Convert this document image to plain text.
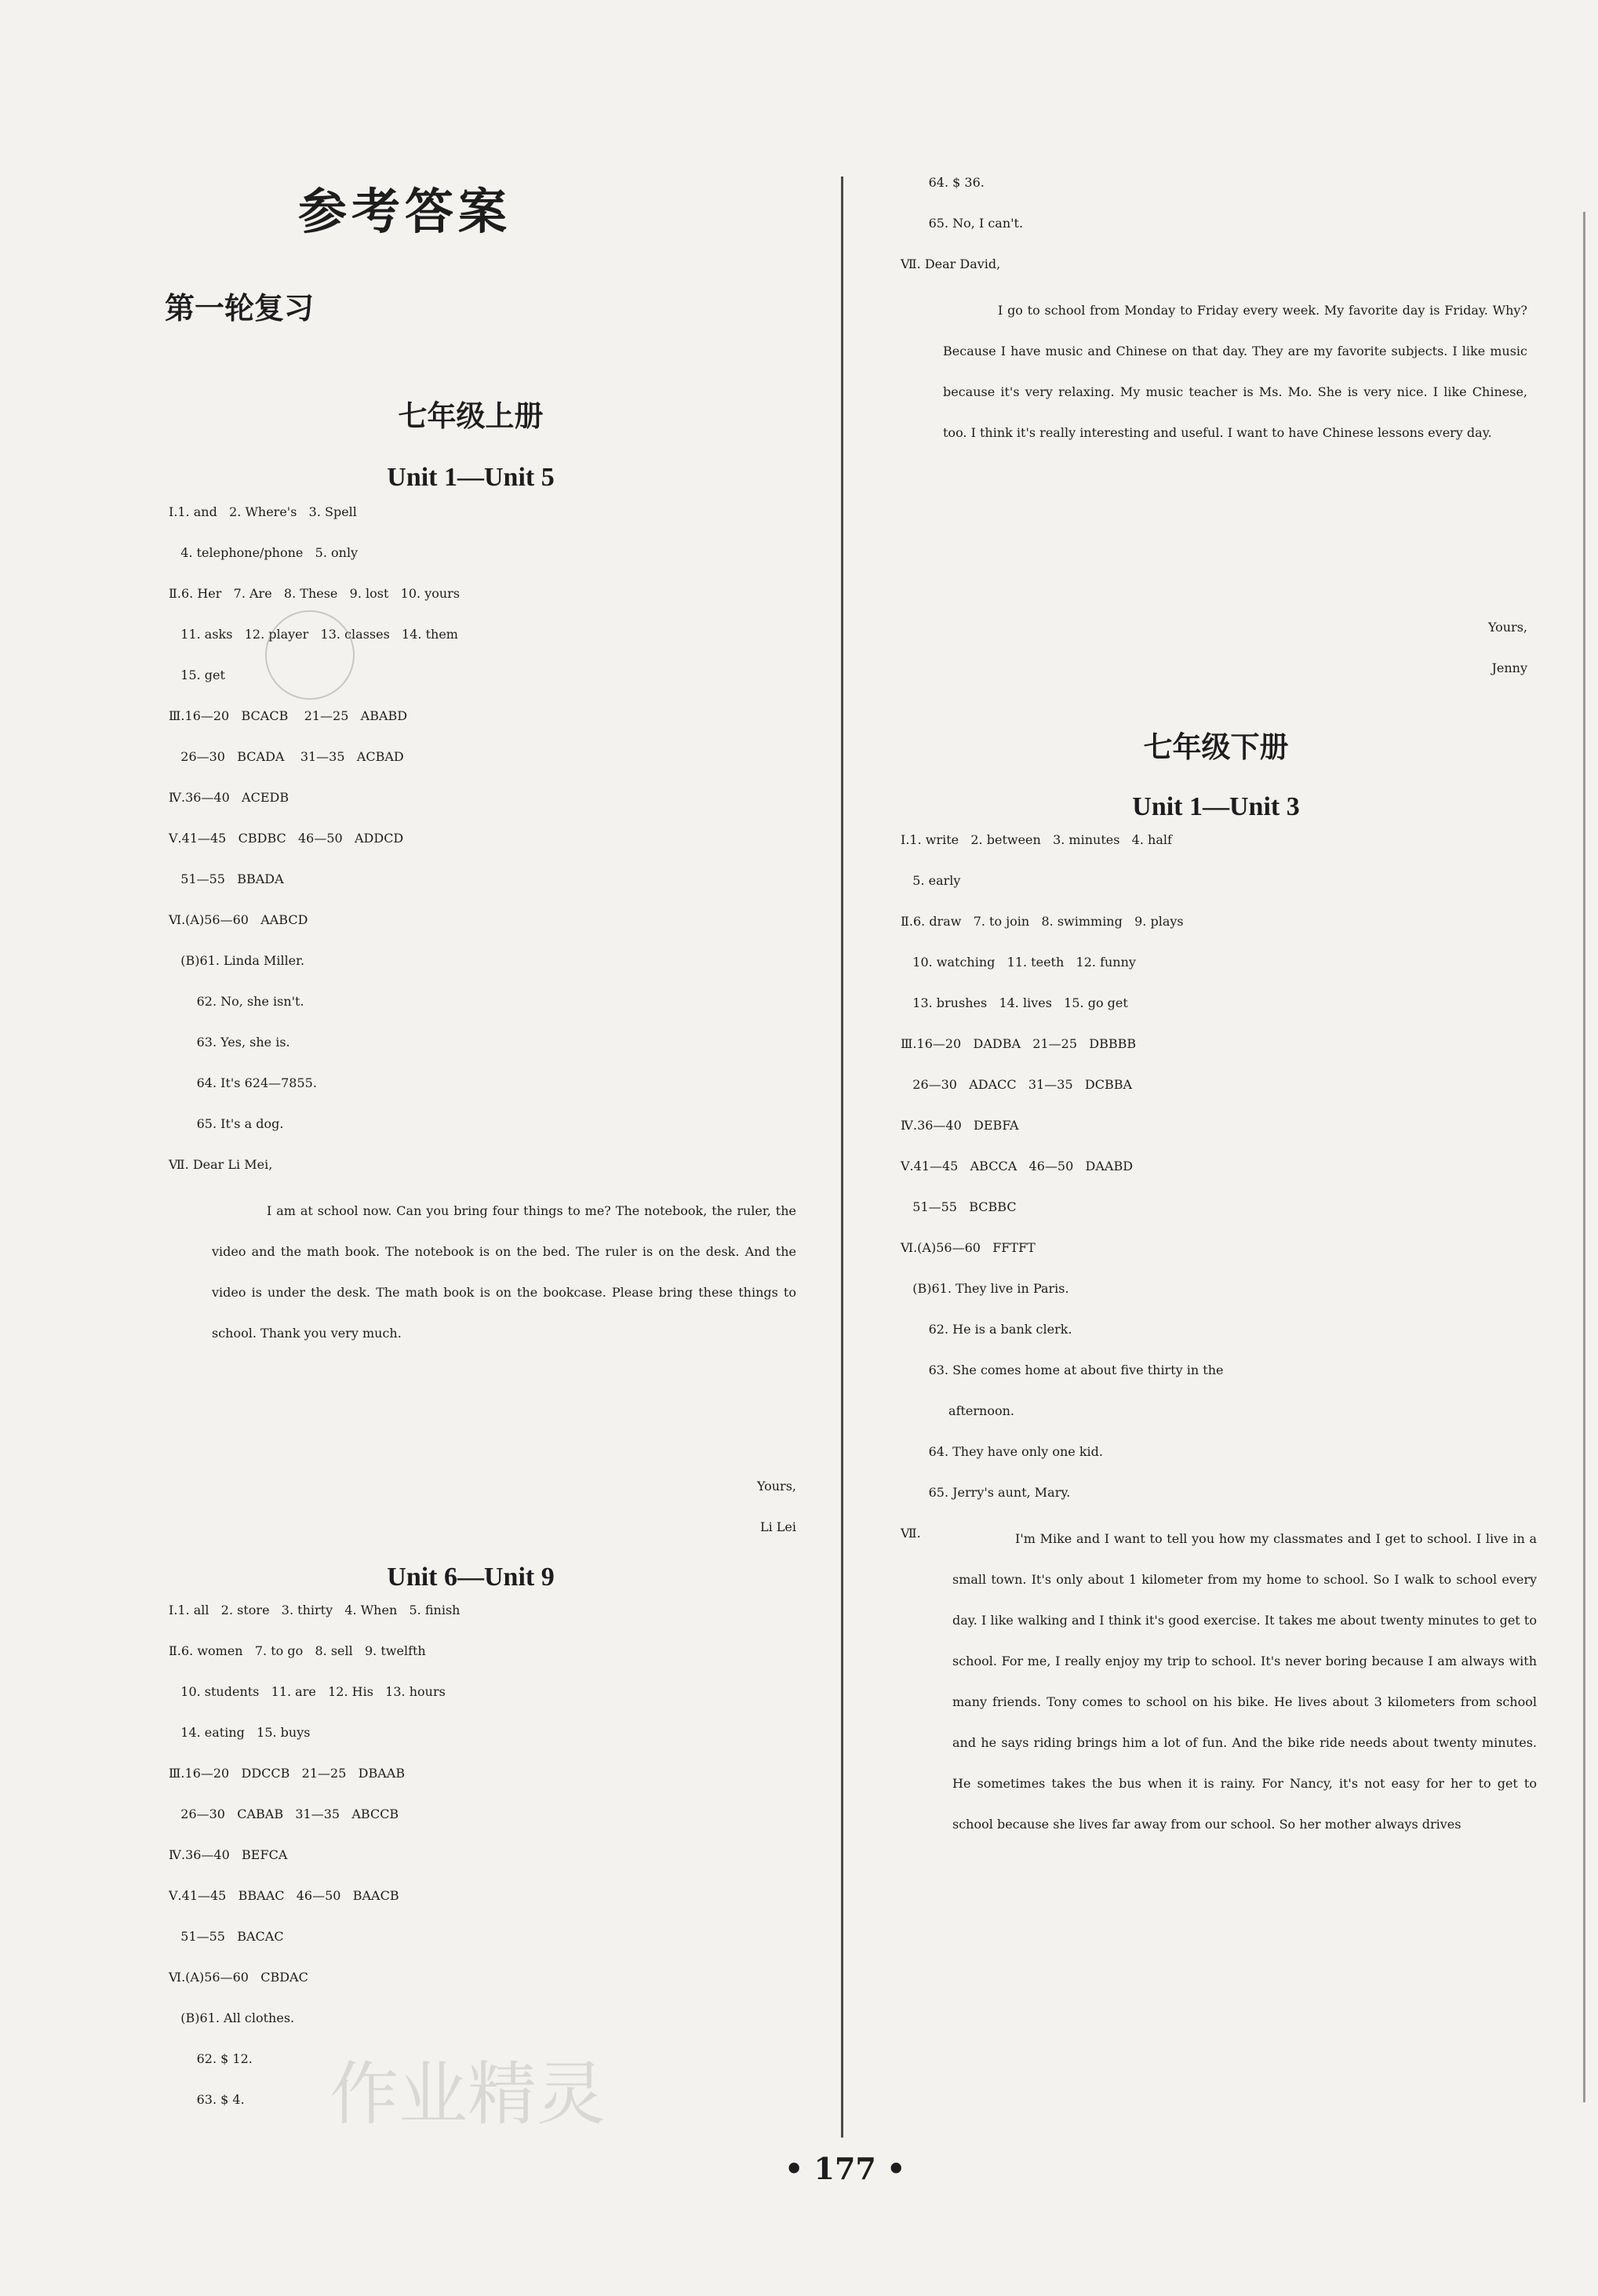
参考答案
第一轮复习
七年级上册
Unit 1—Unit 5
Ⅰ.1. and   2. Where's   3. Spell
4. telephone/phone   5. only
Ⅱ.6. Her   7. Are   8. These   9. lost   10. yours
11. asks   12. player   13. classes   14. them
15. get
Ⅲ.16—20   BCACB    21—25   ABABD
26—30   BCADA    31—35   ACBAD
Ⅳ.36—40   ACEDB
Ⅴ.41—45   CBDBC   46—50   ADDCD
51—55   BBADA
Ⅵ.(A)56—60   AABCD
(B)61. Linda Miller.
62. No, she isn't.
63. Yes, she is.
64. It's 624—7855.
65. It's a dog.
Ⅶ. Dear Li Mei,
I am at school now. Can you bring four things to me? The notebook, the ruler, the video and the math book. The notebook is on the bed. The ruler is on the desk. And the video is under the desk. The math book is on the bookcase. Please bring these things to school. Thank you very much.
Yours,
Li Lei
Unit 6—Unit 9
Ⅰ.1. all   2. store   3. thirty   4. When   5. finish
Ⅱ.6. women   7. to go   8. sell   9. twelfth
10. students   11. are   12. His   13. hours
14. eating   15. buys
Ⅲ.16—20   DDCCB   21—25   DBAAB
26—30   CABAB   31—35   ABCCB
Ⅳ.36—40   BEFCA
Ⅴ.41—45   BBAAC   46—50   BAACB
51—55   BACAC
Ⅵ.(A)56—60   CBDAC
(B)61. All clothes.
62. $ 12.
63. $ 4.
64. $ 36.
65. No, I can't.
Ⅶ. Dear David,
I go to school from Monday to Friday every week. My favorite day is Friday. Why? Because I have music and Chinese on that day. They are my favorite subjects. I like music because it's very relaxing. My music teacher is Ms. Mo. She is very nice. I like Chinese, too. I think it's really interesting and useful. I want to have Chinese lessons every day.
Yours,
Jenny
七年级下册
Unit 1—Unit 3
Ⅰ.1. write   2. between   3. minutes   4. half
5. early
Ⅱ.6. draw   7. to join   8. swimming   9. plays
10. watching   11. teeth   12. funny
13. brushes   14. lives   15. go get
Ⅲ.16—20   DADBA   21—25   DBBBB
26—30   ADACC   31—35   DCBBA
Ⅳ.36—40   DEBFA
Ⅴ.41—45   ABCCA   46—50   DAABD
51—55   BCBBC
Ⅵ.(A)56—60   FFTFT
(B)61. They live in Paris.
62. He is a bank clerk.
63. She comes home at about five thirty in the
afternoon.
64. They have only one kid.
65. Jerry's aunt, Mary.
Ⅶ.	I'm Mike and I want to tell you how my classmates and I get to school. I live in a small town. It's only about 1 kilometer from my home to school. So I walk to school every day. I like walking and I think it's good exercise. It takes me about twenty minutes to get to school. For me, I really enjoy my trip to school. It's never boring because I am always with many friends. Tony comes to school on his bike. He lives about 3 kilometers from school and he says riding brings him a lot of fun. And the bike ride needs about twenty minutes. He sometimes takes the bus when it is rainy. For Nancy, it's not easy for her to get to school because she lives far away from our school. So her mother always drives
• 177 •
作业精灵
